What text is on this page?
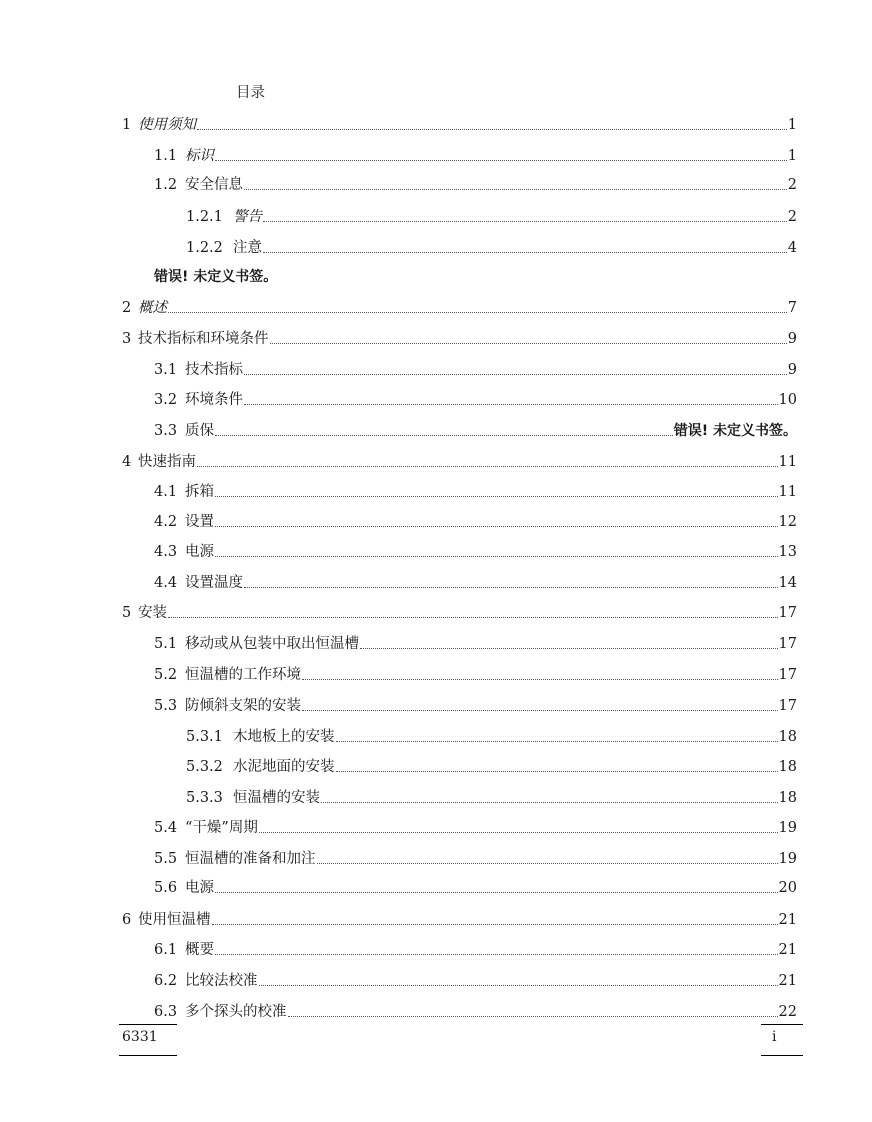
目录
1 使用须知	1
1.1 标识	1
1.2 安全信息	2
1.2.1 警告	2
1.2.2 注意	4
2 概述	7
3 技术指标和环境条件	9
3.1 技术指标	9
3.2 环境条件	10
3.3 质保	错误! 未定义书签。
4 快速指南	11
4.1 拆箱	11
4.2 设置	12
4.3 电源	13
4.4 设置温度	14
5 安装	17
5.1 移动或从包装中取出恒温槽	17
5.2 恒温槽的工作环境	17
5.3 防倾斜支架的安装	17
5.3.1 木地板上的安装	18
5.3.2 水泥地面的安装	18
5.3.3 恒温槽的安装	18
5.4 “干燥”周期	19
5.5 恒温槽的准备和加注	19
5.6 电源	20
6 使用恒温槽	21
6.1 概要	21
6.2 比较法校准	21
6.3 多个探头的校准	22
错误! 未定义书签。
6331	i
